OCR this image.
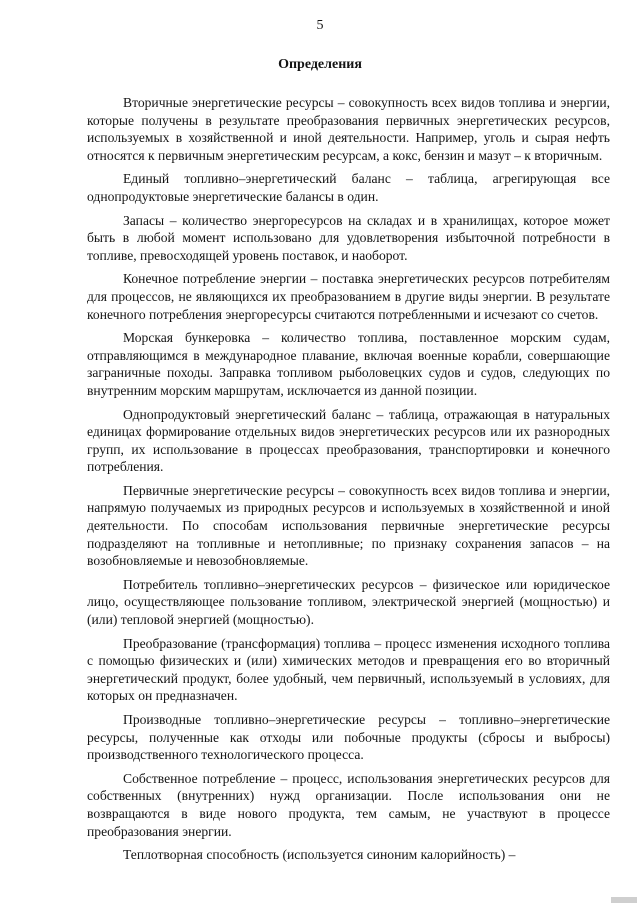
5
Определения

Вторичные энергетические ресурсы – совокупность всех видов топлива и энергии, которые получены в результате преобразования первичных энергетических ресурсов, используемых в хозяйственной и иной деятельности. Например, уголь и сырая нефть относятся к первичным энергетическим ресурсам, а кокс, бензин и мазут – к вторичным.

Единый топливно–энергетический баланс – таблица, агрегирующая все однопродуктовые энергетические балансы в один.

Запасы – количество энергоресурсов на складах и в хранилищах, которое может быть в любой момент использовано для удовлетворения избыточной потребности в топливе, превосходящей уровень поставок, и наоборот.

Конечное потребление энергии – поставка энергетических ресурсов потребителям для процессов, не являющихся их преобразованием в другие виды энергии. В результате конечного потребления энергоресурсы считаются потребленными и исчезают со счетов.

Морская бункеровка – количество топлива, поставленное морским судам, отправляющимся в международное плавание, включая военные корабли, совершающие заграничные походы. Заправка топливом рыболовецких судов и судов, следующих по внутренним морским маршрутам, исключается из данной позиции.

Однопродуктовый энергетический баланс – таблица, отражающая в натуральных единицах формирование отдельных видов энергетических ресурсов или их разнородных групп, их использование в процессах преобразования, транспортировки и конечного потребления.

Первичные энергетические ресурсы – совокупность всех видов топлива и энергии, напрямую получаемых из природных ресурсов и используемых в хозяйственной и иной деятельности. По способам использования первичные энергетические ресурсы подразделяют на топливные и нетопливные; по признаку сохранения запасов – на возобновляемые и невозобновляемые.

Потребитель топливно–энергетических ресурсов – физическое или юридическое лицо, осуществляющее пользование топливом, электрической энергией (мощностью) и (или) тепловой энергией (мощностью).

Преобразование (трансформация) топлива – процесс изменения исходного топлива с помощью физических и (или) химических методов и превращения его во вторичный энергетический продукт, более удобный, чем первичный, используемый в условиях, для которых он предназначен.

Производные топливно–энергетические ресурсы – топливно–энергетические ресурсы, полученные как отходы или побочные продукты (сбросы и выбросы) производственного технологического процесса.

Собственное потребление – процесс, использования энергетических ресурсов для собственных (внутренних) нужд организации. После использования они не возвращаются в виде нового продукта, тем самым, не участвуют в процессе преобразования энергии.

Теплотворная способность (используется синоним калорийность) –
